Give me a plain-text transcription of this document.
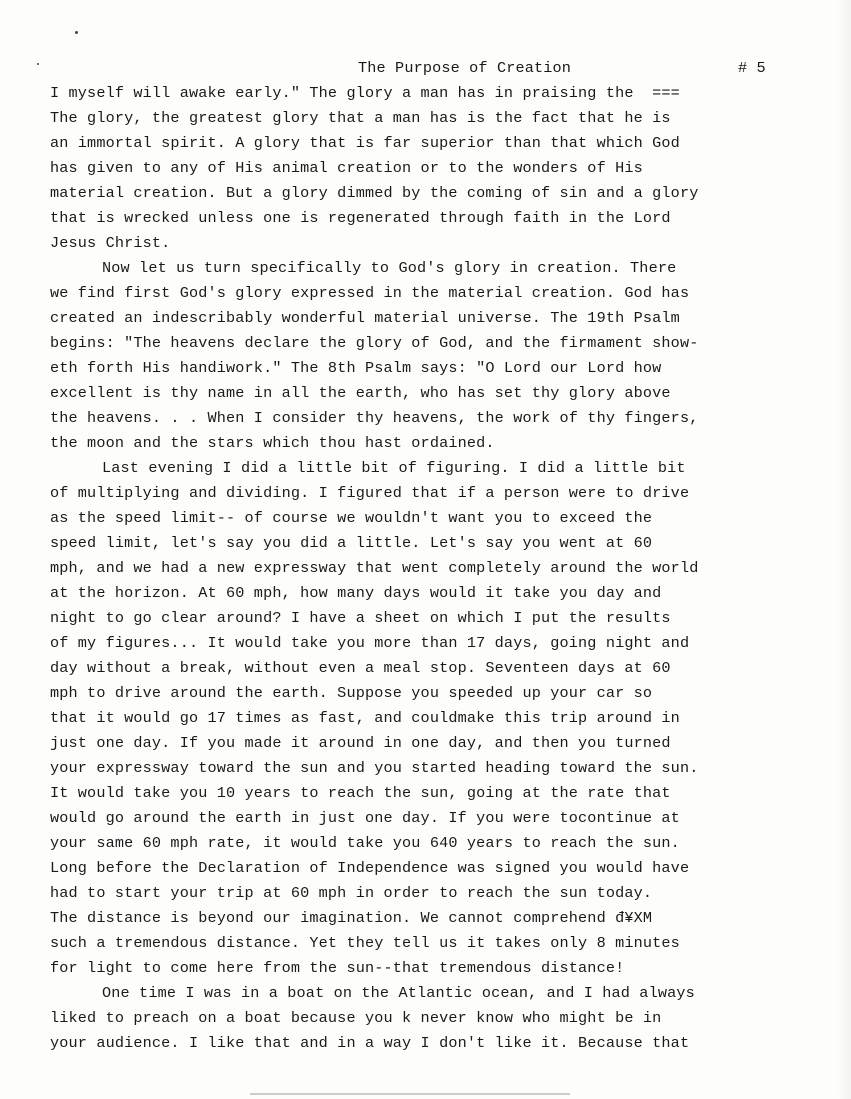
The Purpose of Creation	# 5
I myself will awake early." The glory a man has in praising the  ===
The glory, the greatest glory that a man has is the fact that he is
an immortal spirit. A glory that is far superior than that which God
has given to any of His animal creation or to the wonders of His
material creation. But a glory dimmed by the coming of sin and a glory
that is wrecked unless one is regenerated through faith in the Lord
Jesus Christ.
Now let us turn specifically to God's glory in creation. There
we find first God's glory expressed in the material creation. God has
created an indescribably wonderful material universe. The 19th Psalm
begins: "The heavens declare the glory of God, and the firmament show-
eth forth His handiwork." The 8th Psalm says: "O Lord our Lord how
excellent is thy name in all the earth, who has set thy glory above
the heavens. . . When I consider thy heavens, the work of thy fingers,
the moon and the stars which thou hast ordained.
Last evening I did a little bit of figuring. I did a little bit
of multiplying and dividing. I figured that if a person were to drive
as the speed limit-- of course we wouldn't want you to exceed the
speed limit, let's say you did a little. Let's say you went at 60
mph, and we had a new expressway that went completely around the world
at the horizon. At 60 mph, how many days would it take you day and
night to go clear around? I have a sheet on which I put the results
of my figures... It would take you more than 17 days, going night and
day without a break, without even a meal stop. Seventeen days at 60
mph to drive around the earth. Suppose you speeded up your car so
that it would go 17 times as fast, and couldmake this trip around in
just one day. If you made it around in one day, and then you turned
your expressway toward the sun and you started heading toward the sun.
It would take you 10 years to reach the sun, going at the rate that
would go around the earth in just one day. If you were tocontinue at
your same 60 mph rate, it would take you 640 years to reach the sun.
Long before the Declaration of Independence was signed you would have
had to start your trip at 60 mph in order to reach the sun today.
The distance is beyond our imagination. We cannot comprehend đ¥XM
such a tremendous distance. Yet they tell us it takes only 8 minutes
for light to come here from the sun--that tremendous distance!
One time I was in a boat on the Atlantic ocean, and I had always
liked to preach on a boat because you k never know who might be in
your audience. I like that and in a way I don't like it. Because that
